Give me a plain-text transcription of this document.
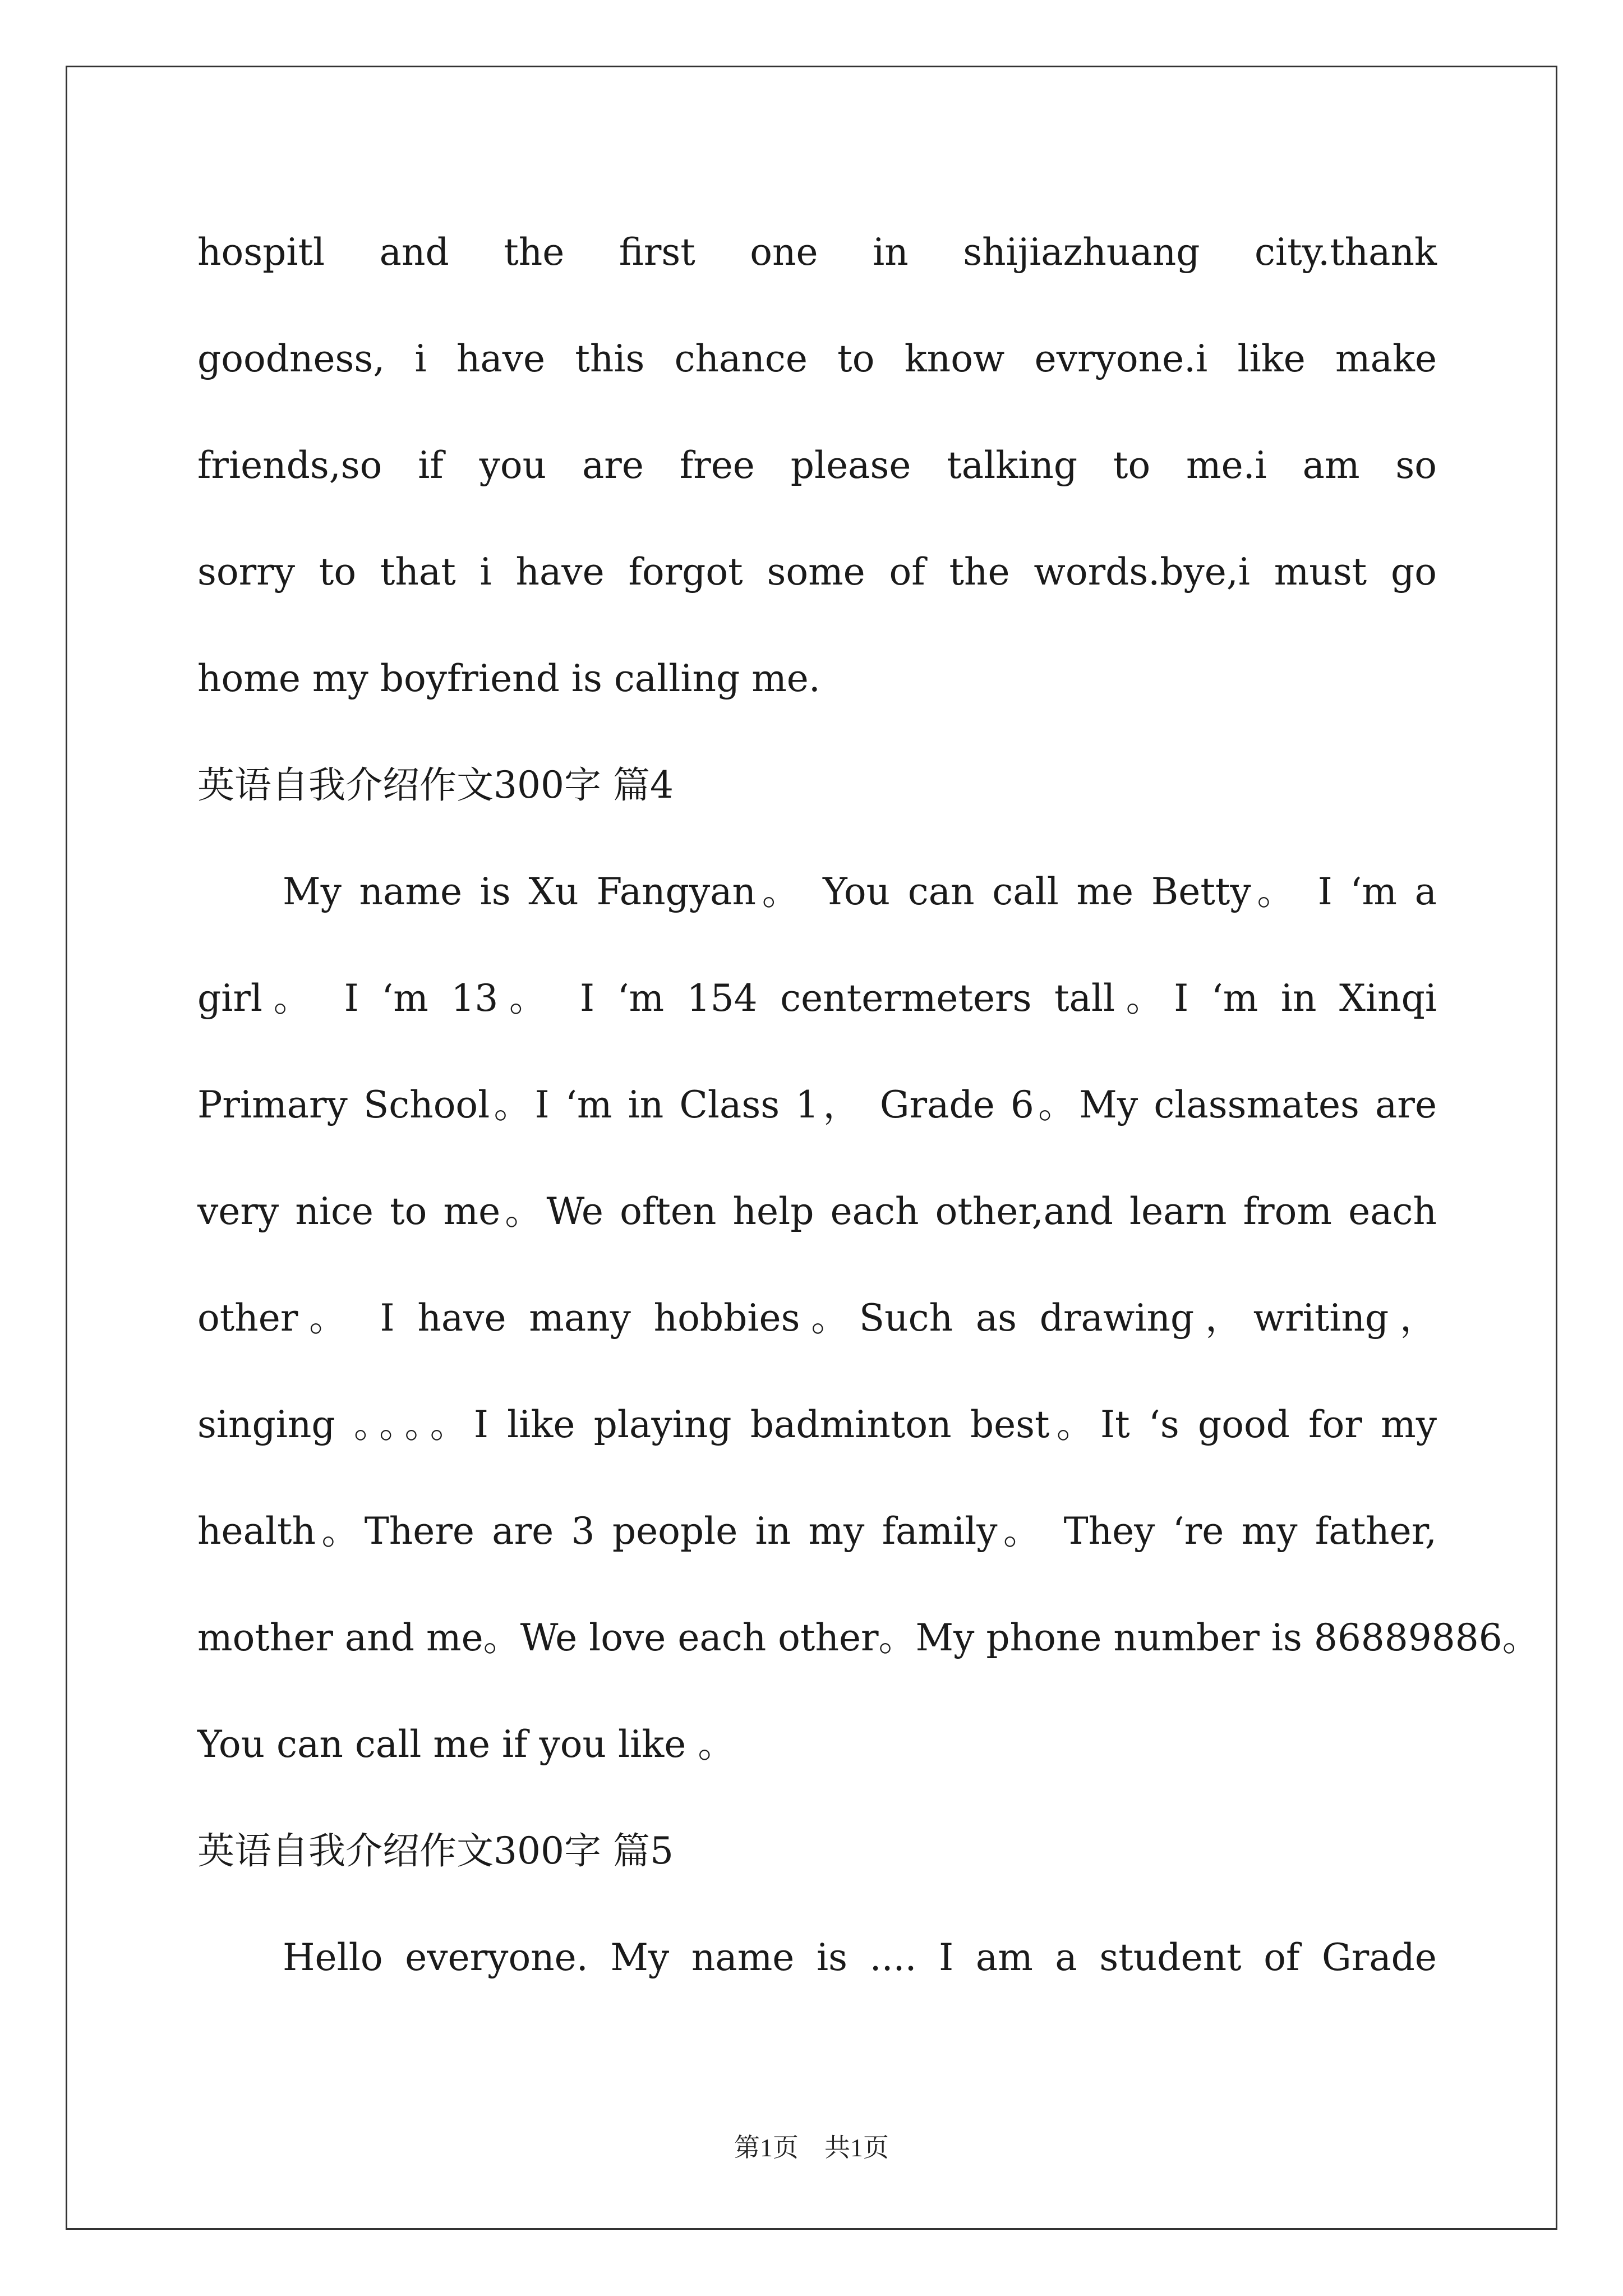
hospitl and the first one in shijiazhuang city.thank
goodness, i have this chance to know evryone.i like make
friends,so if you are free please talking to me.i am so
sorry to that i have forgot some of the words.bye,i must go
home my boyfriend is calling me.
英语自我介绍作文300字 篇4
My name is Xu Fangyan。 You can call me Betty。 I ‘m a
girl。 I ‘m 13。 I ‘m 154 centermeters tall。I ‘m in Xinqi
Primary School。I ‘m in Class 1， Grade 6。My classmates are
very nice to me。We often help each other,and learn from each
other。 I have many hobbies。Such as drawing，writing，
singing 。。。。I like playing badminton best。It ‘s good for my
health。There are 3 people in my family。 They ‘re my father,
mother and me。We love each other。My phone number is 86889886。
You can call me if you like 。
英语自我介绍作文300字 篇5
Hello everyone. My name is .... I am a student of Grade
第1页　共1页
